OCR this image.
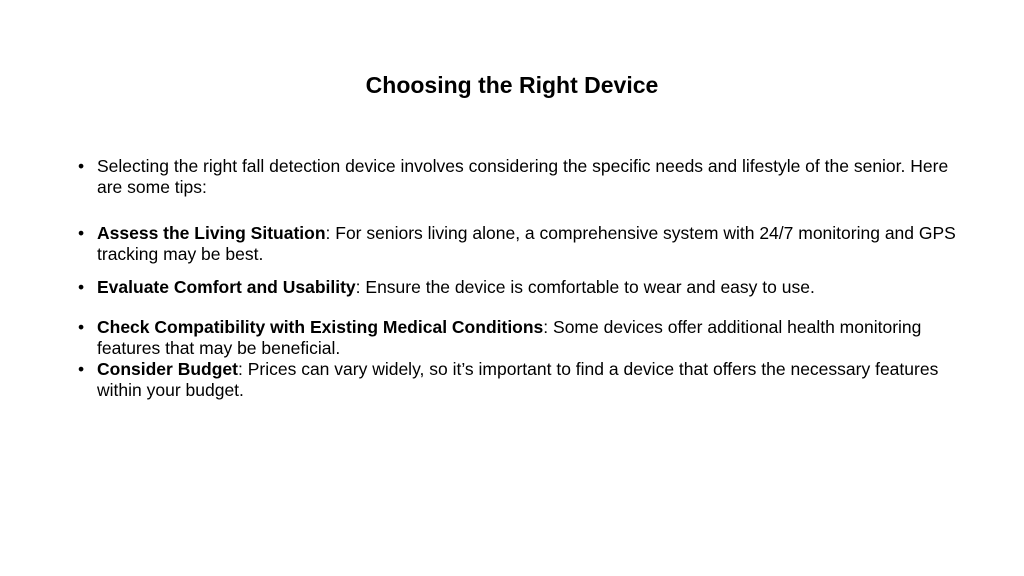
Choosing the Right Device
• Selecting the right fall detection device involves considering the specific needs and lifestyle of the senior. Here are some tips:
• Assess the Living Situation: For seniors living alone, a comprehensive system with 24/7 monitoring and GPS tracking may be best.
• Evaluate Comfort and Usability: Ensure the device is comfortable to wear and easy to use.
• Check Compatibility with Existing Medical Conditions: Some devices offer additional health monitoring features that may be beneficial.
• Consider Budget: Prices can vary widely, so it’s important to find a device that offers the necessary features within your budget.
